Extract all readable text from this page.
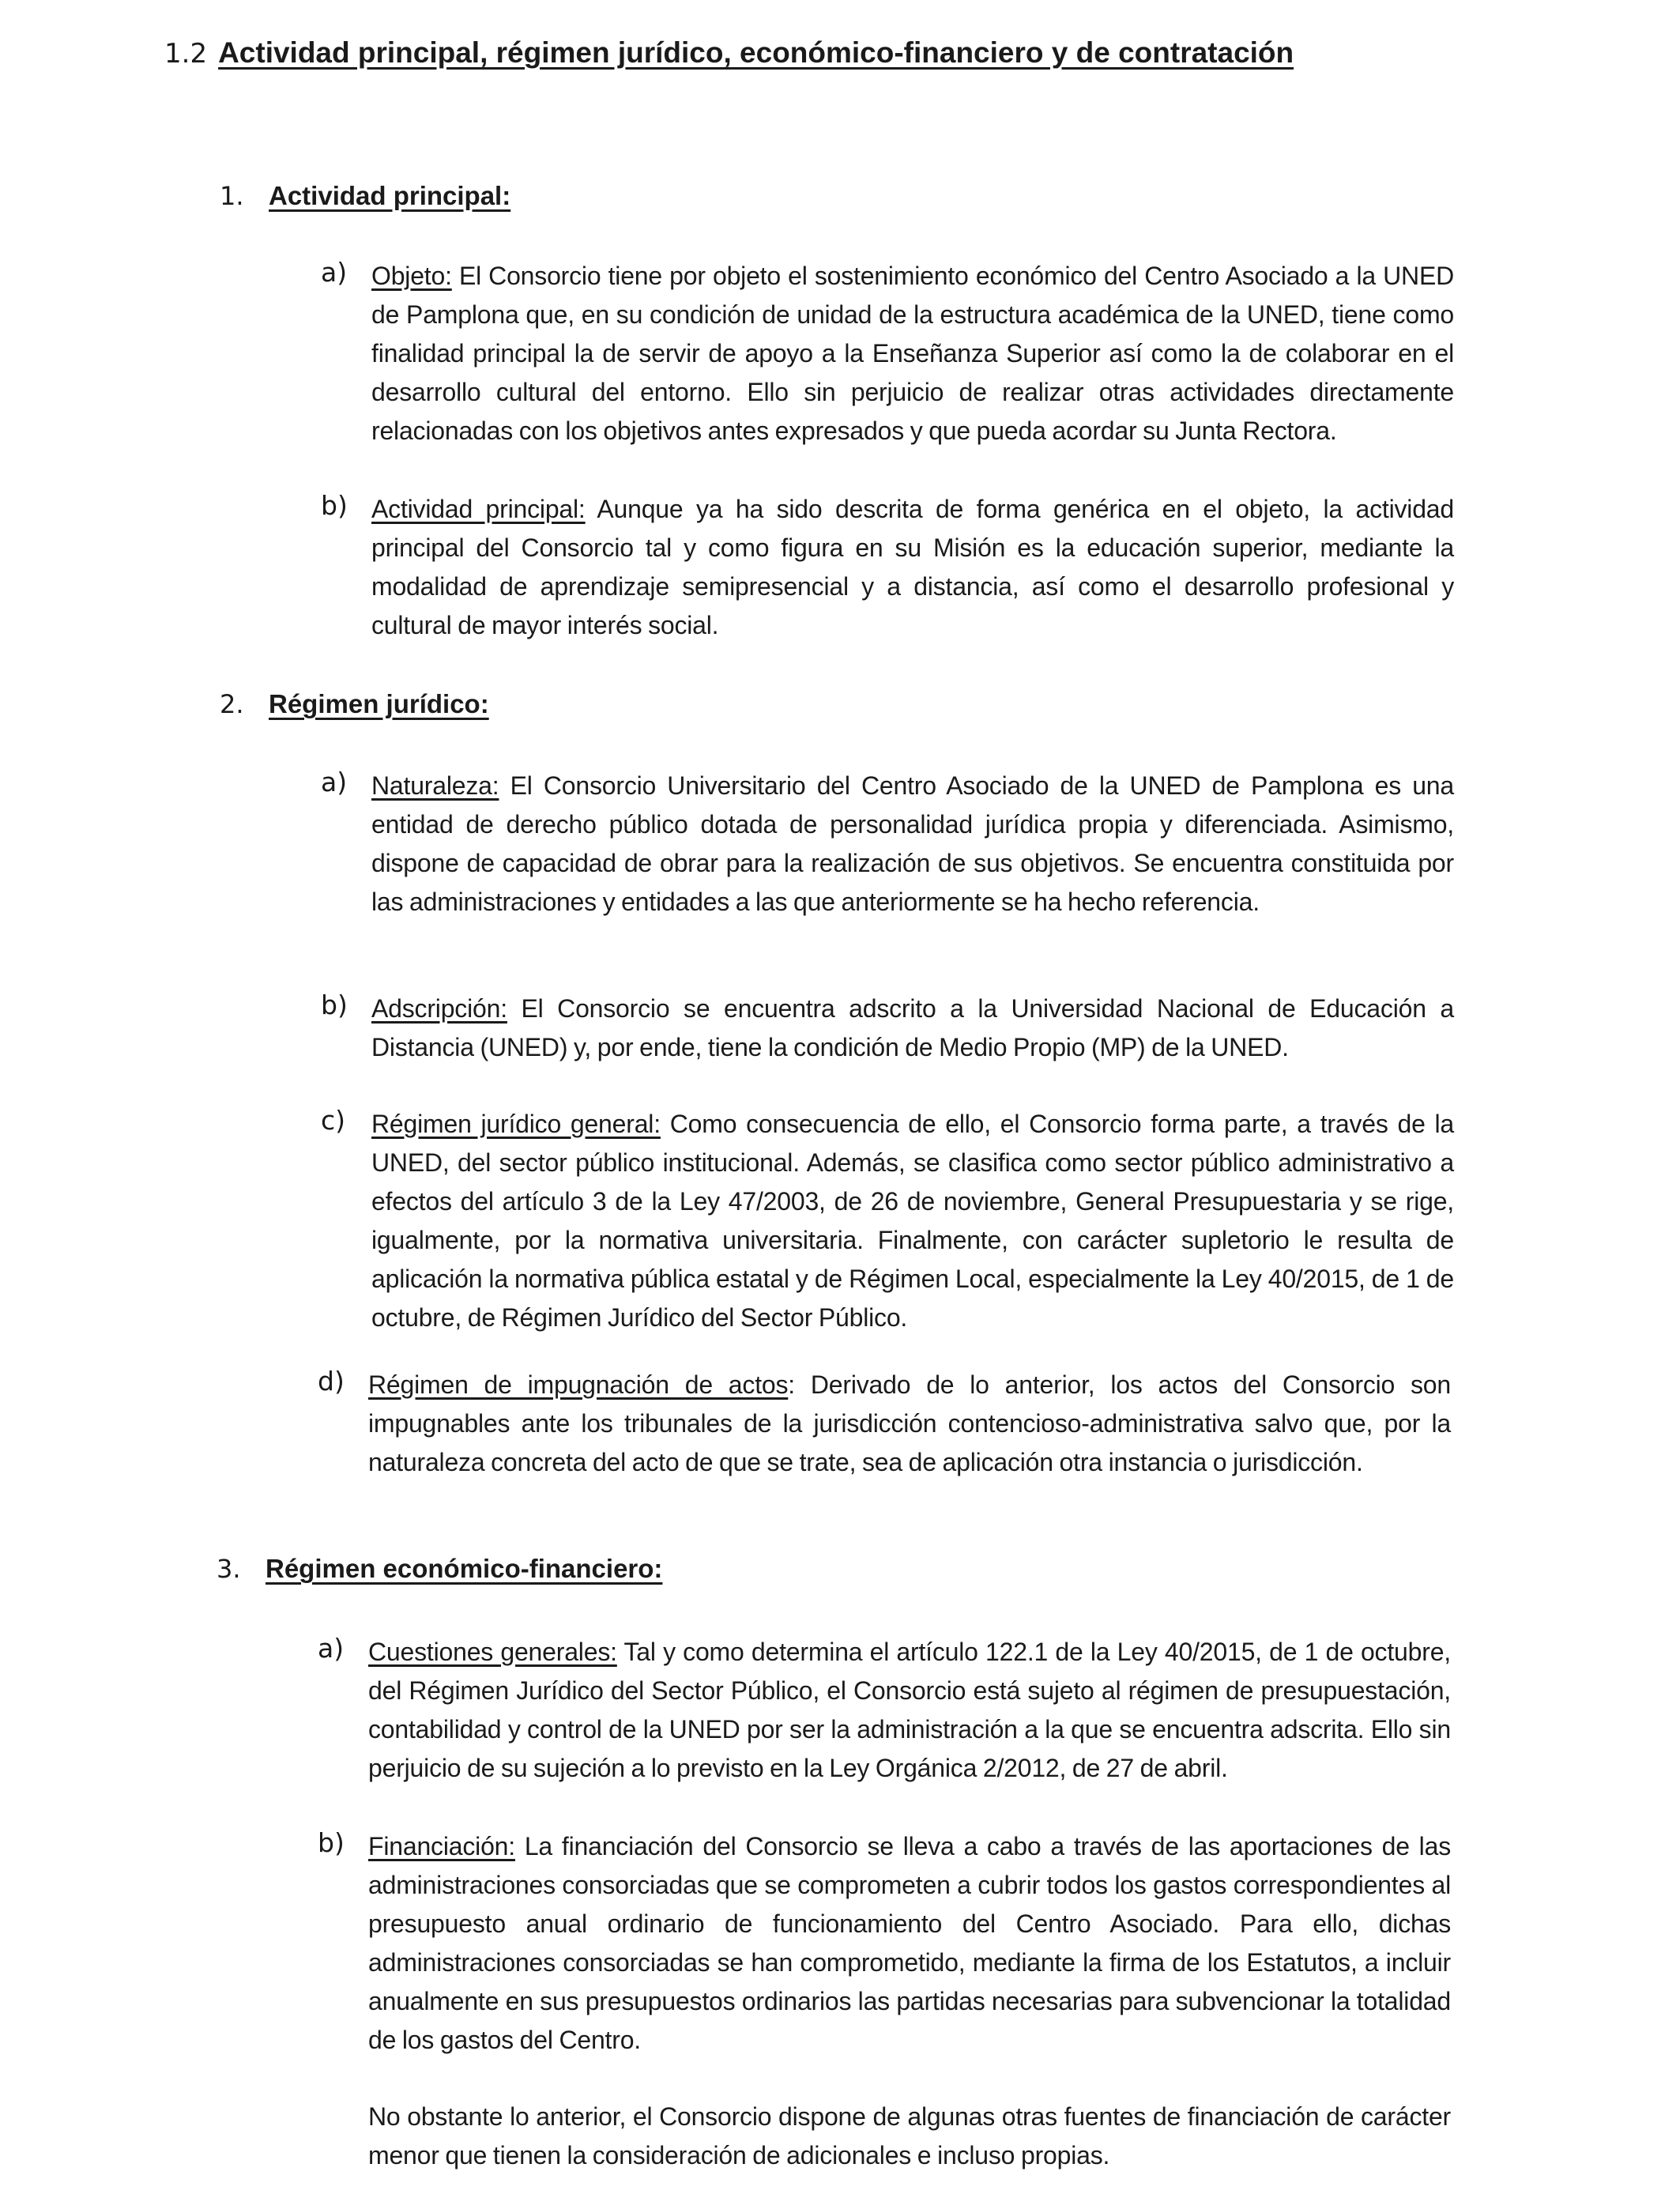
1.2 Actividad principal, régimen jurídico, económico-financiero y de contratación
1. Actividad principal:
a) Objeto: El Consorcio tiene por objeto el sostenimiento económico del Centro Asociado a la UNED de Pamplona que, en su condición de unidad de la estructura académica de la UNED, tiene como finalidad principal la de servir de apoyo a la Enseñanza Superior así como la de colaborar en el desarrollo cultural del entorno. Ello sin perjuicio de realizar otras actividades directamente relacionadas con los objetivos antes expresados y que pueda acordar su Junta Rectora.

b) Actividad principal: Aunque ya ha sido descrita de forma genérica en el objeto, la actividad principal del Consorcio tal y como figura en su Misión es la educación superior, mediante la modalidad de aprendizaje semipresencial y a distancia, así como el desarrollo profesional y cultural de mayor interés social.

2. Régimen jurídico:
a) Naturaleza: El Consorcio Universitario del Centro Asociado de la UNED de Pamplona es una entidad de derecho público dotada de personalidad jurídica propia y diferenciada. Asimismo, dispone de capacidad de obrar para la realización de sus objetivos. Se encuentra constituida por las administraciones y entidades a las que anteriormente se ha hecho referencia.

b) Adscripción: El Consorcio se encuentra adscrito a la Universidad Nacional de Educación a Distancia (UNED) y, por ende, tiene la condición de Medio Propio (MP) de la UNED.

c) Régimen jurídico general: Como consecuencia de ello, el Consorcio forma parte, a través de la UNED, del sector público institucional. Además, se clasifica como sector público administrativo a efectos del artículo 3 de la Ley 47/2003, de 26 de noviembre, General Presupuestaria y se rige, igualmente, por la normativa universitaria. Finalmente, con carácter supletorio le resulta de aplicación la normativa pública estatal y de Régimen Local, especialmente la Ley 40/2015, de 1 de octubre, de Régimen Jurídico del Sector Público.

d) Régimen de impugnación de actos: Derivado de lo anterior, los actos del Consorcio son impugnables ante los tribunales de la jurisdicción contencioso-administrativa salvo que, por la naturaleza concreta del acto de que se trate, sea de aplicación otra instancia o jurisdicción.

3. Régimen económico-financiero:
a) Cuestiones generales: Tal y como determina el artículo 122.1 de la Ley 40/2015, de 1 de octubre, del Régimen Jurídico del Sector Público, el Consorcio está sujeto al régimen de presupuestación, contabilidad y control de la UNED por ser la administración a la que se encuentra adscrita. Ello sin perjuicio de su sujeción a lo previsto en la Ley Orgánica 2/2012, de 27 de abril.

b) Financiación: La financiación del Consorcio se lleva a cabo a través de las aportaciones de las administraciones consorciadas que se comprometen a cubrir todos los gastos correspondientes al presupuesto anual ordinario de funcionamiento del Centro Asociado. Para ello, dichas administraciones consorciadas se han comprometido, mediante la firma de los Estatutos, a incluir anualmente en sus presupuestos ordinarios las partidas necesarias para subvencionar la totalidad de los gastos del Centro.

No obstante lo anterior, el Consorcio dispone de algunas otras fuentes de financiación de carácter menor que tienen la consideración de adicionales e incluso propias.
